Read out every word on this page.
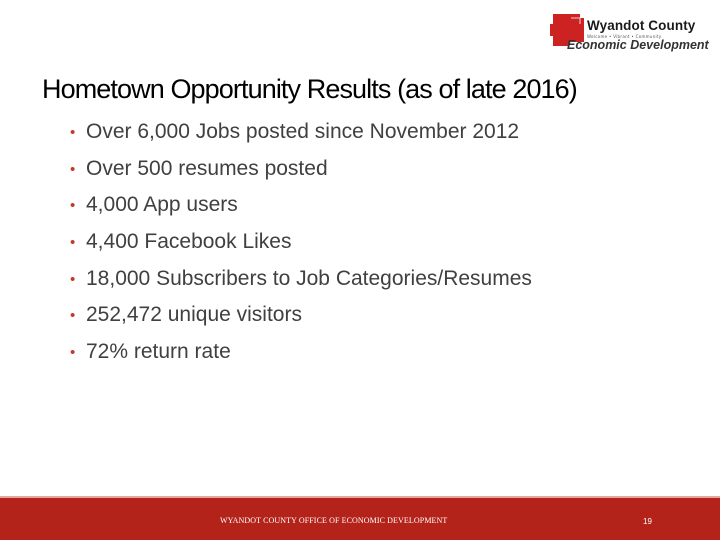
Wyandot County
Welcome • Vibrant • Community
Economic Development
Hometown Opportunity Results (as of late 2016)
• Over 6,000 Jobs posted since November 2012
• Over 500 resumes posted
• 4,000 App users
• 4,400 Facebook Likes
• 18,000 Subscribers to Job Categories/Resumes
• 252,472 unique visitors
• 72% return rate
WYANDOT COUNTY OFFICE OF ECONOMIC DEVELOPMENT	19
